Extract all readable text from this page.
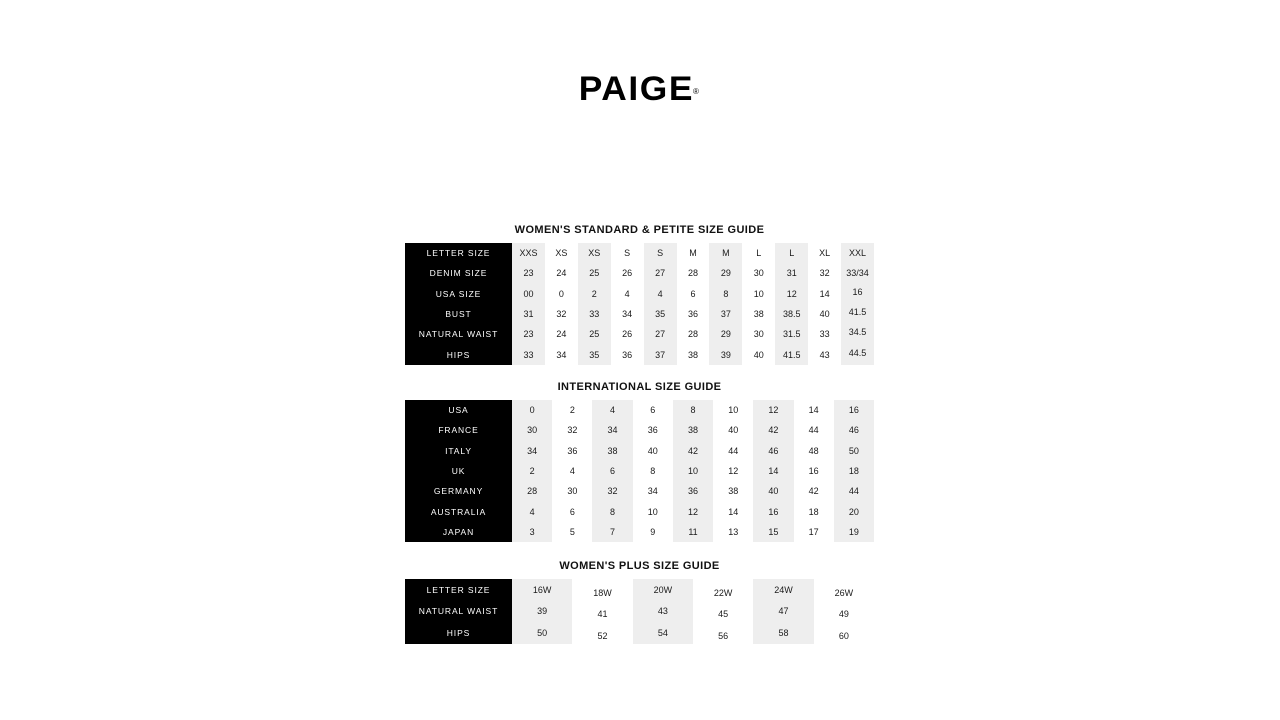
PAIGE®
WOMEN'S STANDARD & PETITE SIZE GUIDE
LETTER SIZE	XXS	XS	XS	S	S	M	M	L	L	XL	XXL
DENIM SIZE	23	24	25	26	27	28	29	30	31	32	33/34
USA SIZE	00	0	2	4	4	6	8	10	12	14	16
BUST	31	32	33	34	35	36	37	38	38.5	40	41.5
NATURAL WAIST	23	24	25	26	27	28	29	30	31.5	33	34.5
HIPS	33	34	35	36	37	38	39	40	41.5	43	44.5
INTERNATIONAL SIZE GUIDE
USA	0	2	4	6	8	10	12	14	16
FRANCE	30	32	34	36	38	40	42	44	46
ITALY	34	36	38	40	42	44	46	48	50
UK	2	4	6	8	10	12	14	16	18
GERMANY	28	30	32	34	36	38	40	42	44
AUSTRALIA	4	6	8	10	12	14	16	18	20
JAPAN	3	5	7	9	11	13	15	17	19
WOMEN'S PLUS SIZE GUIDE
LETTER SIZE	16W	18W	20W	22W	24W	26W
NATURAL WAIST	39	41	43	45	47	49
HIPS	50	52	54	56	58	60
